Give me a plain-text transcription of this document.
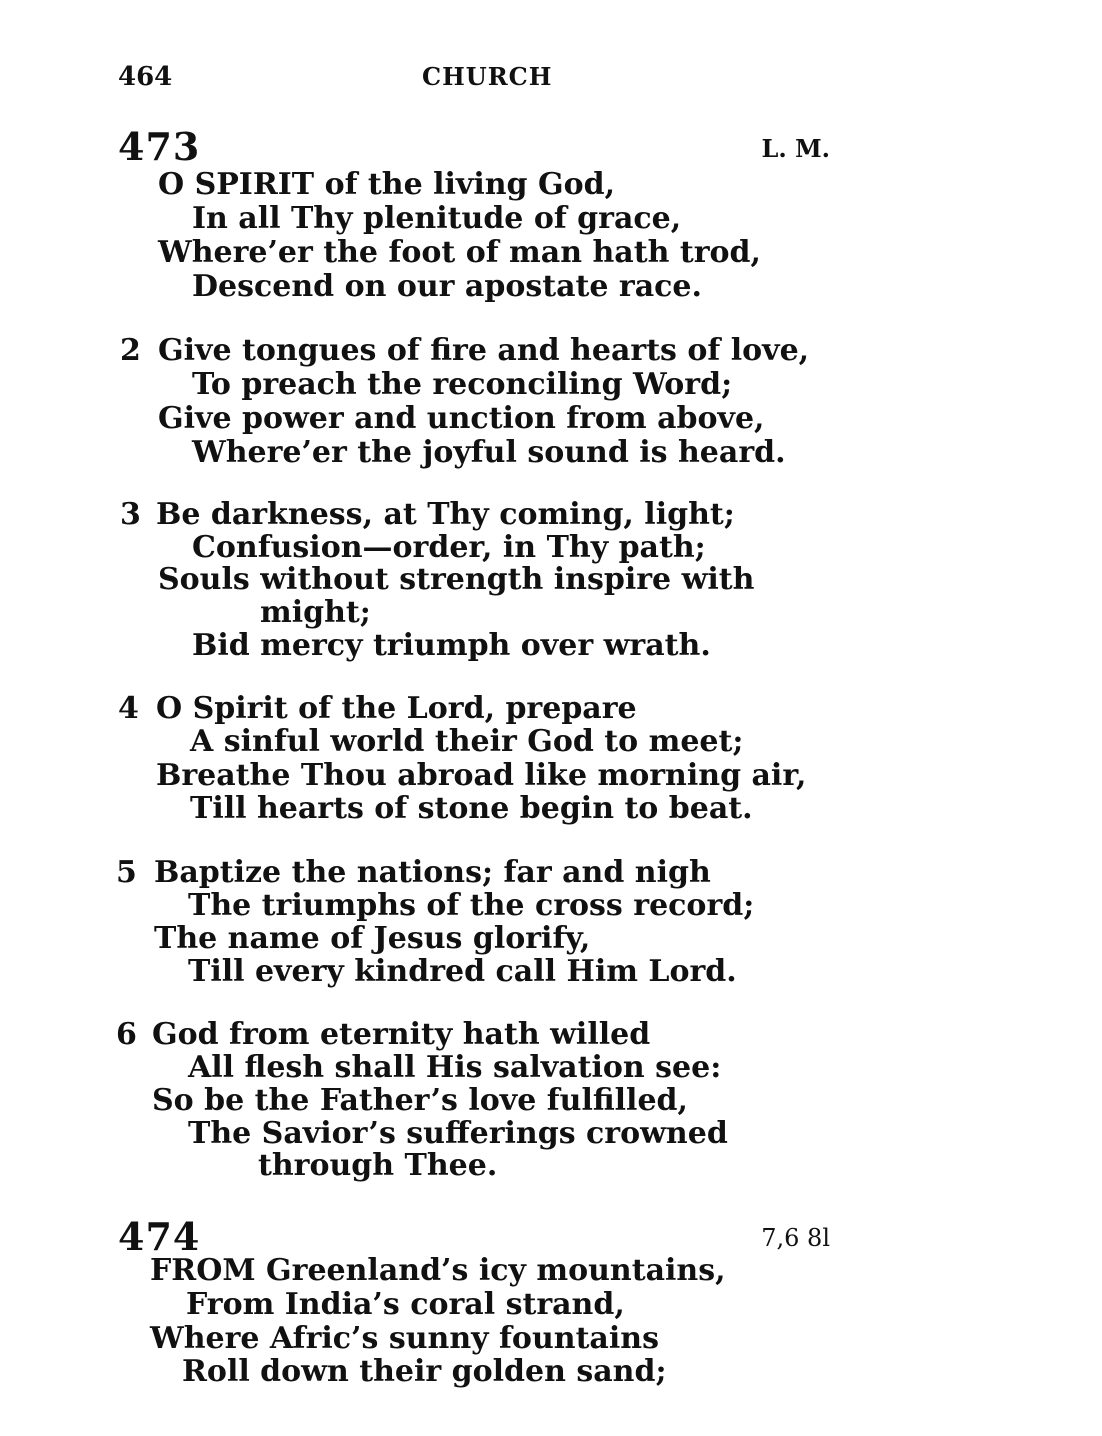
464	CHURCH
473	L. M.
O SPIRIT of the living God,
In all Thy plenitude of grace,
Where’er the foot of man hath trod,
Descend on our apostate race.
2 Give tongues of fire and hearts of love,
To preach the reconciling Word;
Give power and unction from above,
Where’er the joyful sound is heard.
3 Be darkness, at Thy coming, light;
Confusion—order, in Thy path;
Souls without strength inspire with
might;
Bid mercy triumph over wrath.
4 O Spirit of the Lord, prepare
A sinful world their God to meet;
Breathe Thou abroad like morning air,
Till hearts of stone begin to beat.
5 Baptize the nations; far and nigh
The triumphs of the cross record;
The name of Jesus glorify,
Till every kindred call Him Lord.
6 God from eternity hath willed
All flesh shall His salvation see:
So be the Father’s love fulfilled,
The Savior’s sufferings crowned
through Thee.
474	7,6 8l
FROM Greenland’s icy mountains,
From India’s coral strand,
Where Afric’s sunny fountains
Roll down their golden sand;
